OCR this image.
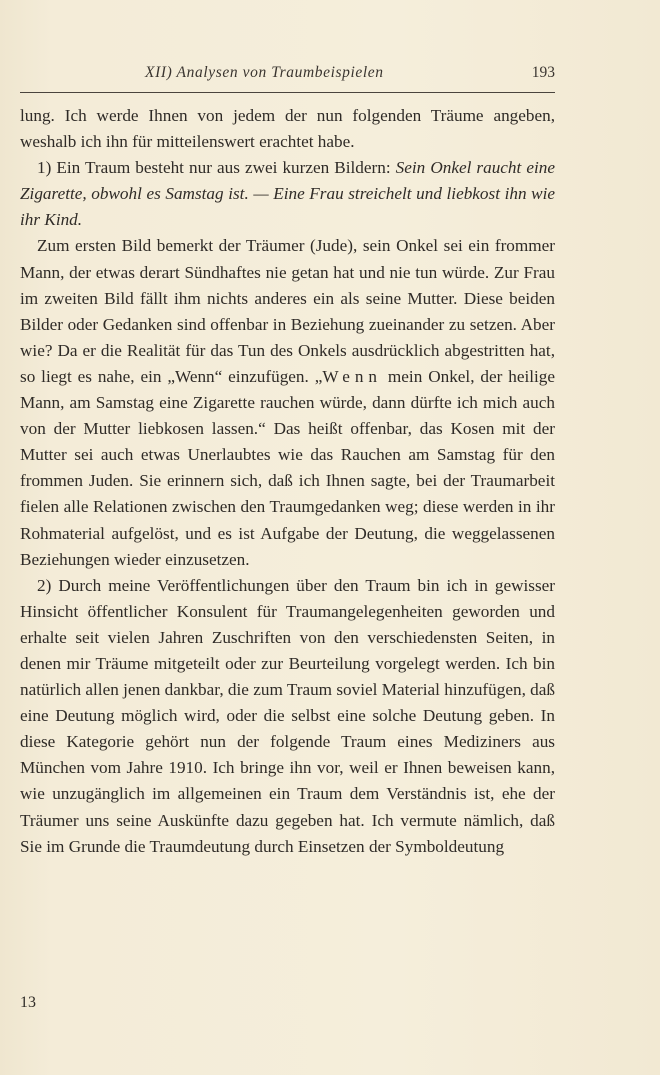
XII) Analysen von Traumbeispielen	193

lung. Ich werde Ihnen von jedem der nun folgenden Träume angeben, weshalb ich ihn für mitteilenswert erachtet habe.

1) Ein Traum besteht nur aus zwei kurzen Bildern: Sein Onkel raucht eine Zigarette, obwohl es Samstag ist. — Eine Frau streichelt und liebkost ihn wie ihr Kind.

Zum ersten Bild bemerkt der Träumer (Jude), sein Onkel sei ein frommer Mann, der etwas derart Sündhaftes nie getan hat und nie tun würde. Zur Frau im zweiten Bild fällt ihm nichts anderes ein als seine Mutter. Diese beiden Bilder oder Gedanken sind offenbar in Beziehung zueinander zu setzen. Aber wie? Da er die Realität für das Tun des Onkels ausdrücklich abgestritten hat, so liegt es nahe, ein „Wenn“ einzufügen. „Wenn mein Onkel, der heilige Mann, am Samstag eine Zigarette rauchen würde, dann dürfte ich mich auch von der Mutter liebkosen lassen.“ Das heißt offenbar, das Kosen mit der Mutter sei auch etwas Unerlaubtes wie das Rauchen am Samstag für den frommen Juden. Sie erinnern sich, daß ich Ihnen sagte, bei der Traumarbeit fielen alle Relationen zwischen den Traumgedanken weg; diese werden in ihr Rohmaterial aufgelöst, und es ist Aufgabe der Deutung, die weggelassenen Beziehungen wieder einzusetzen.

2) Durch meine Veröffentlichungen über den Traum bin ich in gewisser Hinsicht öffentlicher Konsulent für Traumangelegenheiten geworden und erhalte seit vielen Jahren Zuschriften von den verschiedensten Seiten, in denen mir Träume mitgeteilt oder zur Beurteilung vorgelegt werden. Ich bin natürlich allen jenen dankbar, die zum Traum soviel Material hinzufügen, daß eine Deutung möglich wird, oder die selbst eine solche Deutung geben. In diese Kategorie gehört nun der folgende Traum eines Mediziners aus München vom Jahre 1910. Ich bringe ihn vor, weil er Ihnen beweisen kann, wie unzugänglich im allgemeinen ein Traum dem Verständnis ist, ehe der Träumer uns seine Auskünfte dazu gegeben hat. Ich vermute nämlich, daß Sie im Grunde die Traumdeutung durch Einsetzen der Symboldeutung

13
